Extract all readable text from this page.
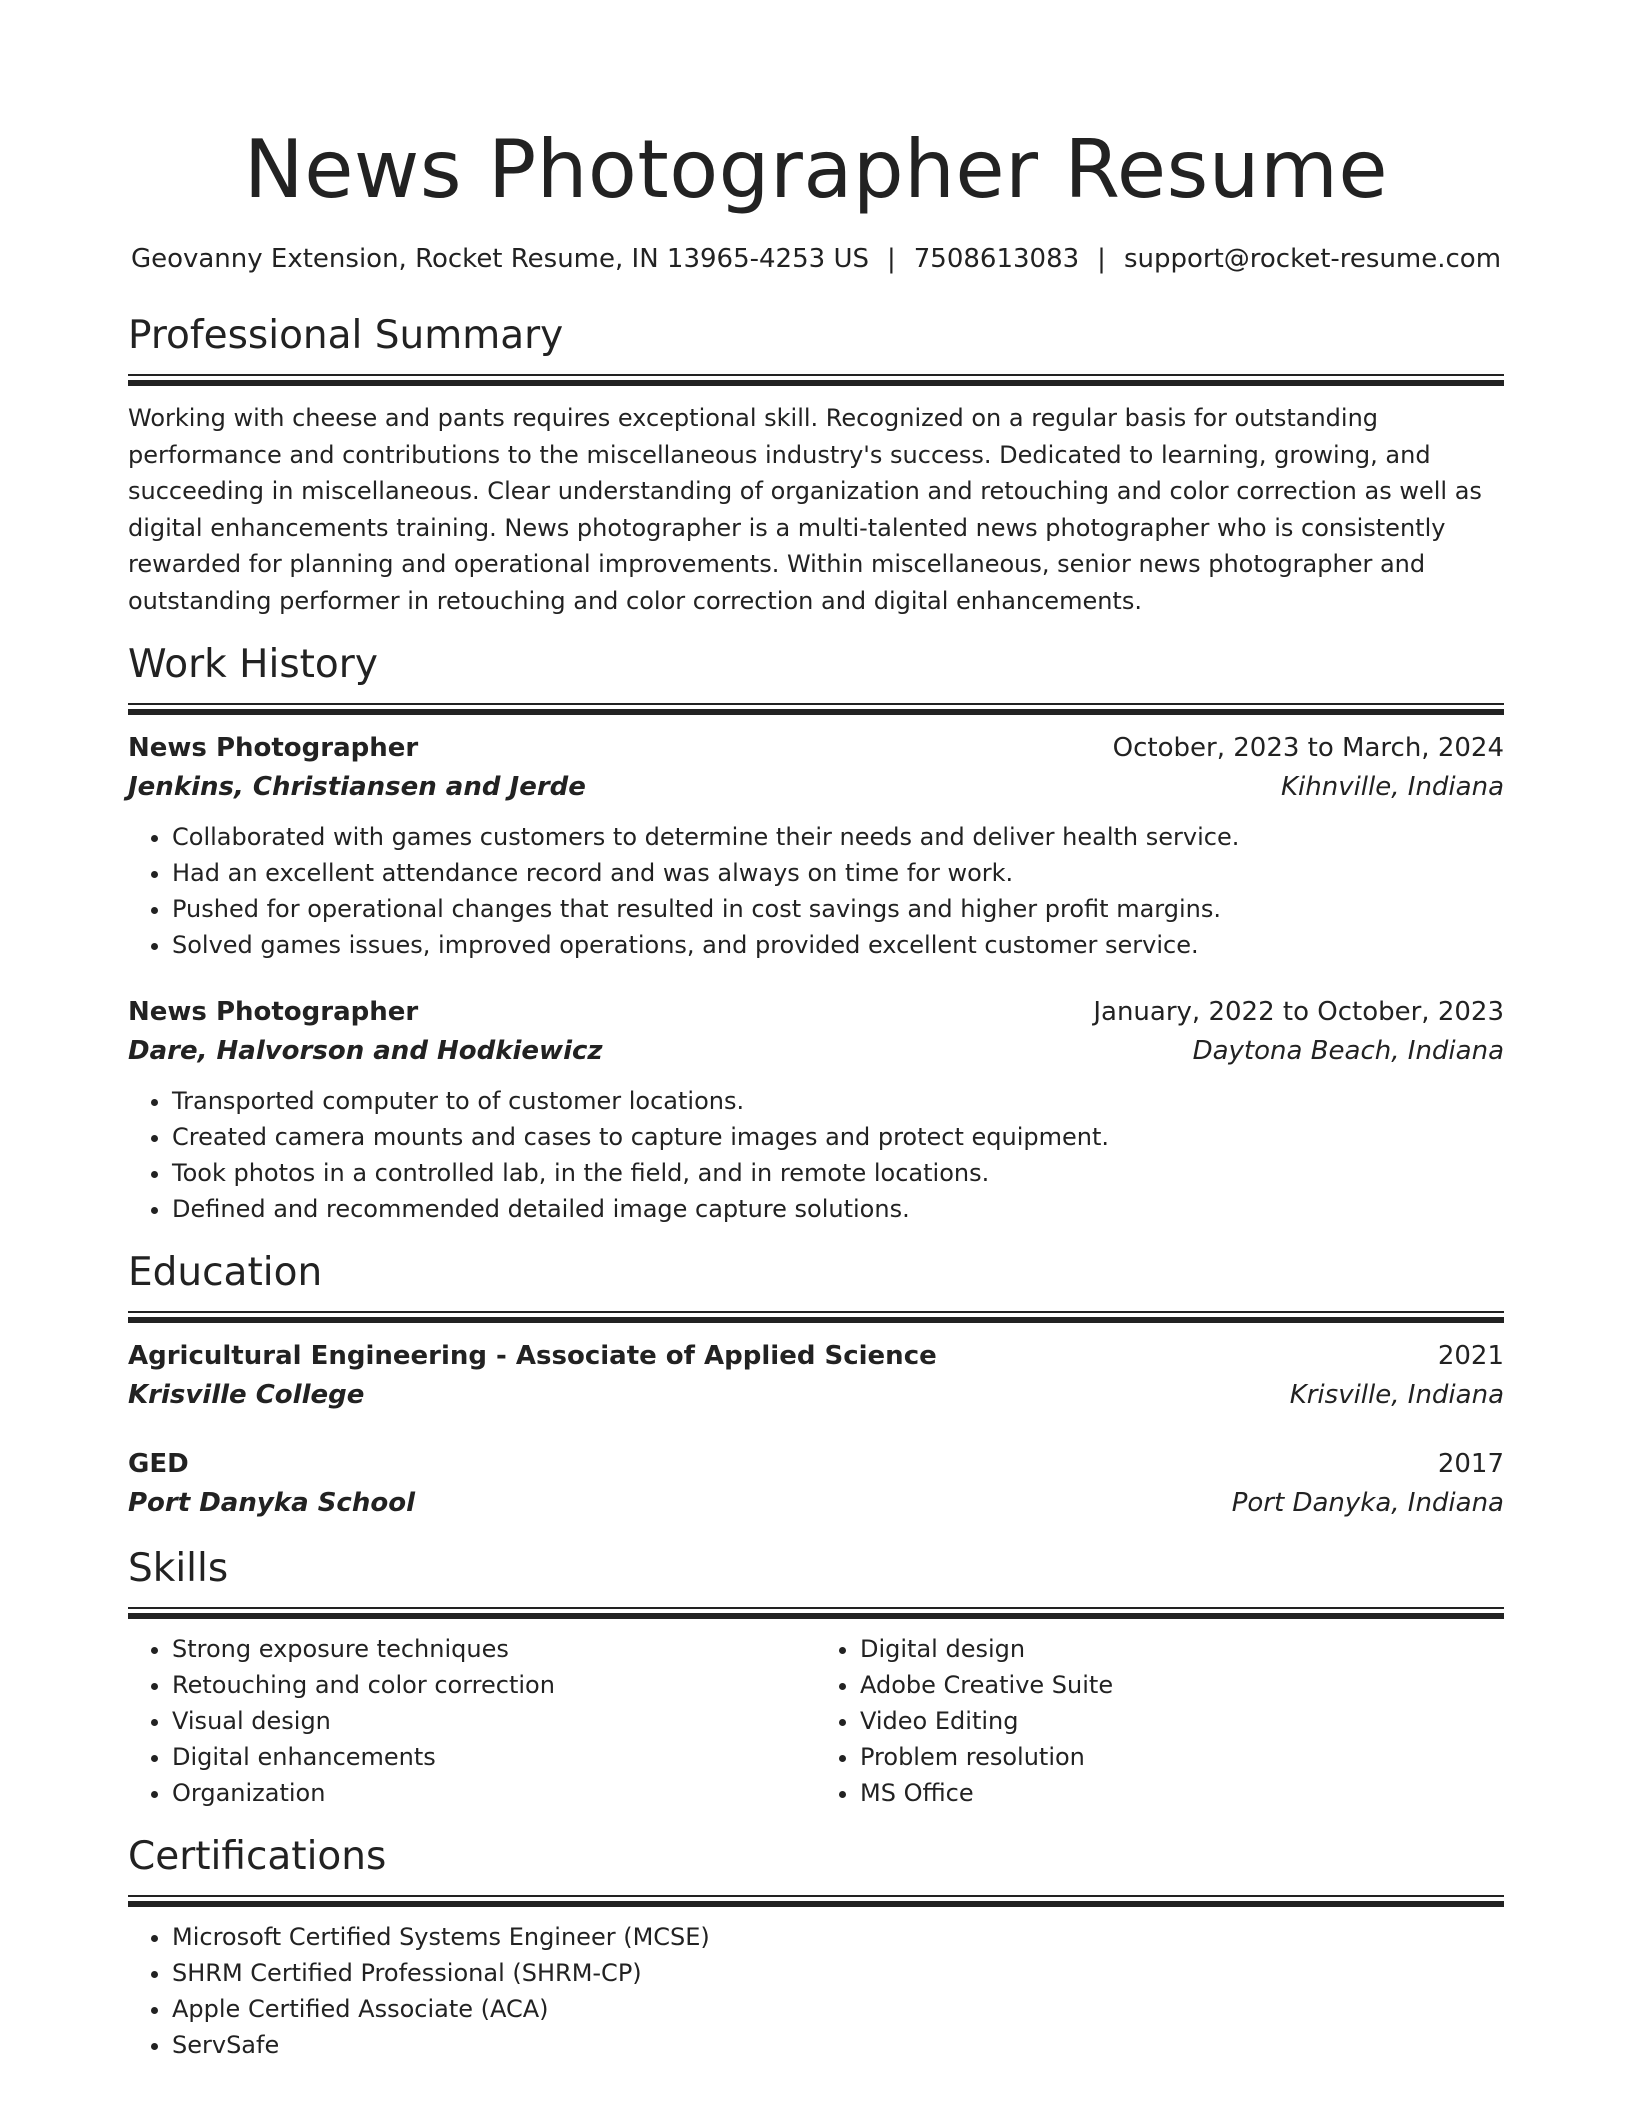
News Photographer Resume
Geovanny Extension, Rocket Resume, IN 13965-4253 US | 7508613083 | support@rocket-resume.com
Professional Summary

Working with cheese and pants requires exceptional skill. Recognized on a regular basis for outstanding performance and contributions to the miscellaneous industry's success. Dedicated to learning, growing, and succeeding in miscellaneous. Clear understanding of organization and retouching and color correction as well as digital enhancements training. News photographer is a multi-talented news photographer who is consistently rewarded for planning and operational improvements. Within miscellaneous, senior news photographer and outstanding performer in retouching and color correction and digital enhancements.

Work History
News Photographer	October, 2023 to March, 2024
Jenkins, Christiansen and Jerde	Kihnville, Indiana
• Collaborated with games customers to determine their needs and deliver health service.
• Had an excellent attendance record and was always on time for work.
• Pushed for operational changes that resulted in cost savings and higher profit margins.
• Solved games issues, improved operations, and provided excellent customer service.
News Photographer	January, 2022 to October, 2023
Dare, Halvorson and Hodkiewicz	Daytona Beach, Indiana
• Transported computer to of customer locations.
• Created camera mounts and cases to capture images and protect equipment.
• Took photos in a controlled lab, in the field, and in remote locations.
• Defined and recommended detailed image capture solutions.
Education
Agricultural Engineering - Associate of Applied Science	2021
Krisville College	Krisville, Indiana
GED	2017
Port Danyka School	Port Danyka, Indiana
Skills
• Strong exposure techniques
• Retouching and color correction
• Visual design
• Digital enhancements
• Organization
• Digital design
• Adobe Creative Suite
• Video Editing
• Problem resolution
• MS Office
Certifications
• Microsoft Certified Systems Engineer (MCSE)
• SHRM Certified Professional (SHRM-CP)
• Apple Certified Associate (ACA)
• ServSafe
